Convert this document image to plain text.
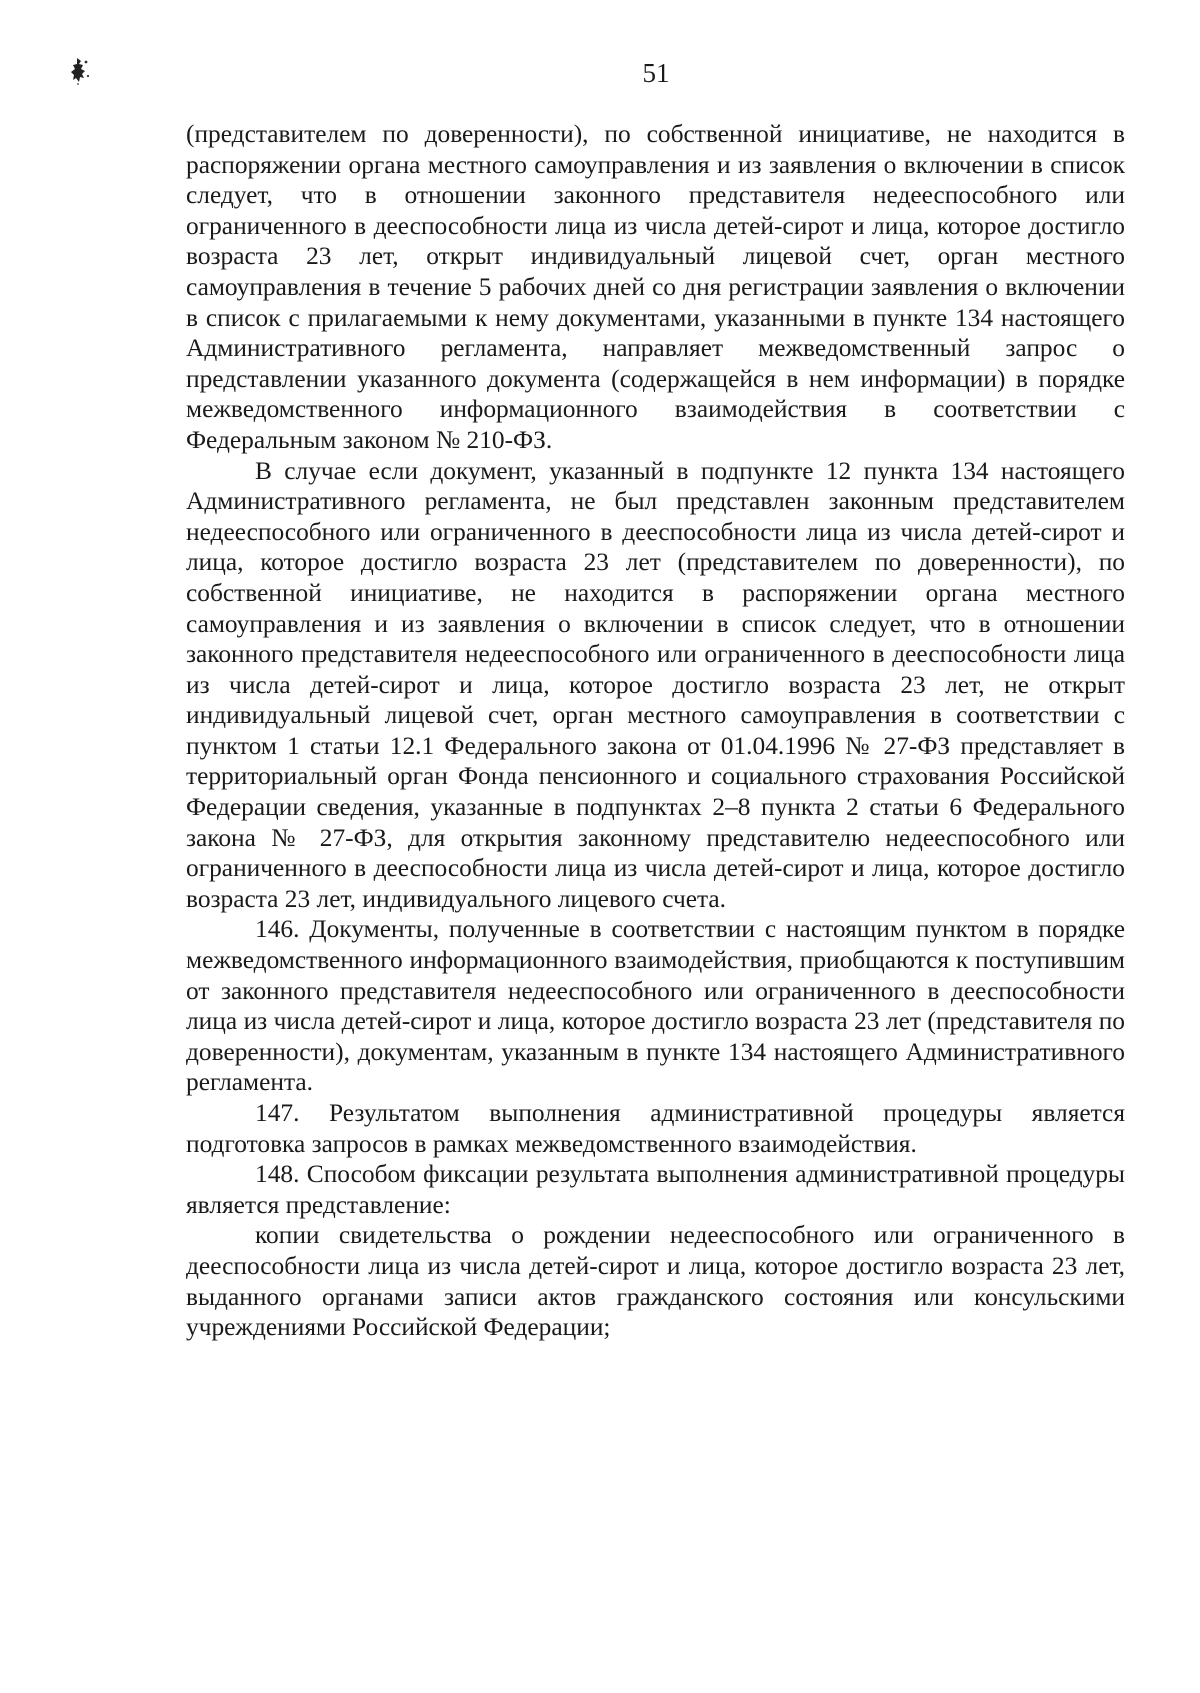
51

(представителем по доверенности), по собственной инициативе, не находится в распоряжении органа местного самоуправления и из заявления о включении в список следует, что в отношении законного представителя недееспособного или ограниченного в дееспособности лица из числа детей-сирот и лица, которое достигло возраста 23 лет, открыт индивидуальный лицевой счет, орган местного самоуправления в течение 5 рабочих дней со дня регистрации заявления о включении в список с прилагаемыми к нему документами, указанными в пункте 134 настоящего Административного регламента, направляет межведомственный запрос о представлении указанного документа (содержащейся в нем информации) в порядке межведомственного информационного взаимодействия в соответствии с Федеральным законом № 210-ФЗ.

В случае если документ, указанный в подпункте 12 пункта 134 настоящего Административного регламента, не был представлен законным представителем недееспособного или ограниченного в дееспособности лица из числа детей-сирот и лица, которое достигло возраста 23 лет (представителем по доверенности), по собственной инициативе, не находится в распоряжении органа местного самоуправления и из заявления о включении в список следует, что в отношении законного представителя недееспособного или ограниченного в дееспособности лица из числа детей-сирот и лица, которое достигло возраста 23 лет, не открыт индивидуальный лицевой счет, орган местного самоуправления в соответствии с пунктом 1 статьи 12.1 Федерального закона от 01.04.1996 № 27-ФЗ представляет в территориальный орган Фонда пенсионного и социального страхования Российской Федерации сведения, указанные в подпунктах 2–8 пункта 2 статьи 6 Федерального закона № 27-ФЗ, для открытия законному представителю недееспособного или ограниченного в дееспособности лица из числа детей-сирот и лица, которое достигло возраста 23 лет, индивидуального лицевого счета.

146. Документы, полученные в соответствии с настоящим пунктом в порядке межведомственного информационного взаимодействия, приобщаются к поступившим от законного представителя недееспособного или ограниченного в дееспособности лица из числа детей-сирот и лица, которое достигло возраста 23 лет (представителя по доверенности), документам, указанным в пункте 134 настоящего Административного регламента.

147. Результатом выполнения административной процедуры является подготовка запросов в рамках межведомственного взаимодействия.

148. Способом фиксации результата выполнения административной процедуры является представление:

копии свидетельства о рождении недееспособного или ограниченного в дееспособности лица из числа детей-сирот и лица, которое достигло возраста 23 лет, выданного органами записи актов гражданского состояния или консульскими учреждениями Российской Федерации;
